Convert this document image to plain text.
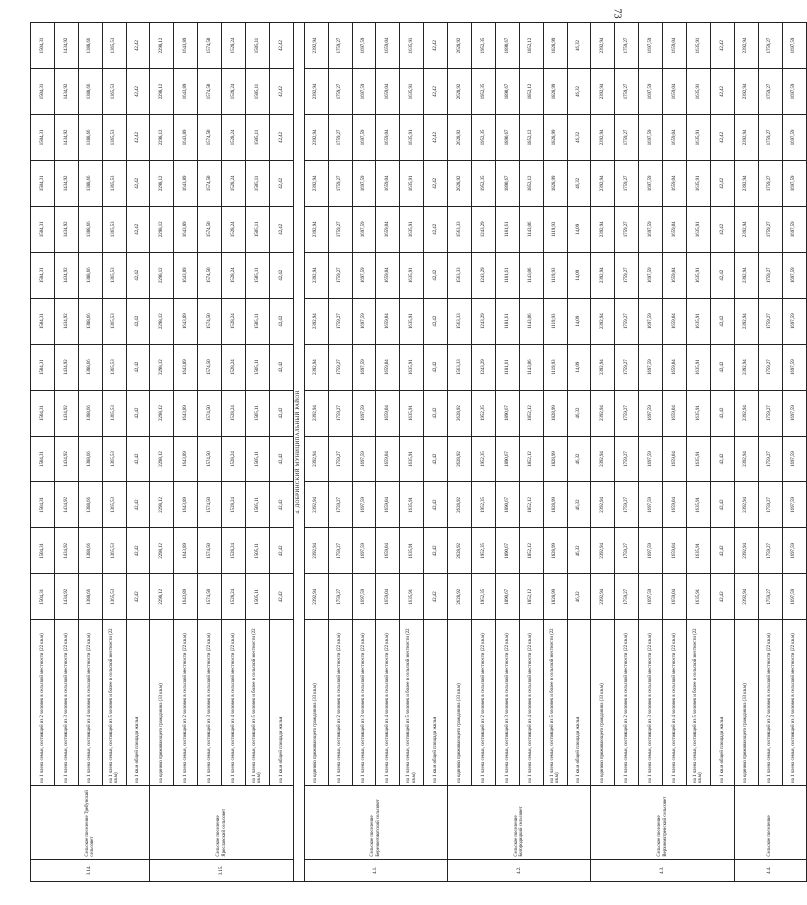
73
3.14.	Сельское поселение Требунский сельсовет	на 1 члена семьи, состоящей из 2 человек в сельской местности (22 кв.м)	1504,31	1504,31	1504,31	1504,31	1504,31	1504,31	1504,31	1504,31	1504,31	1504,31	1504,31	1504,31	1504,31
		на 1 члена семьи, состоящей из 3 человек в сельской местности (22 кв.м)	1434,92	1434,92	1434,92	1434,92	1434,92	1434,92	1434,92	1434,92	1434,92	1434,92	1434,92	1434,92	1434,92
		на 1 члена семьи, состоящей из 4 человек в сельской местности (22 кв.м)	1388,66	1388,66	1388,66	1388,66	1388,66	1388,66	1388,66	1388,66	1388,66	1388,66	1388,66	1388,66	1388,66
		на 1 члена семьи, состоящей из 5 человек и более в сельской местности (22 кв.м)	1365,53	1365,53	1365,53	1365,53	1365,53	1365,53	1365,53	1365,53	1365,53	1365,53	1365,53	1365,53	1365,53
		на 1 кв.м общей площади жилья	42,42	42,42	42,42	42,42	42,42	42,42	42,42	42,42	42,42	42,42	42,42	42,42	42,42
3.15.	Сельское поселение Ярославский сельсовет	на одиноко проживающего гражданина (33 кв.м)	2298,12	2298,12	2298,12	2298,12	2298,12	2298,12	2298,12	2298,12	2298,12	2298,12	2298,12	2298,12	2298,12
		на 1 члена семьи, состоящей из 2 человек в сельской местности (22 кв.м)	1643,89	1643,89	1643,89	1643,89	1643,89	1643,89	1643,89	1643,89	1643,89	1643,89	1643,89	1643,89	1643,89
		на 1 члена семьи, состоящей из 3 человек в сельской местности (22 кв.м)	1574,50	1574,50	1574,50	1574,50	1574,50	1574,50	1574,50	1574,50	1574,50	1574,50	1574,50	1574,50	1574,50
		на 1 члена семьи, состоящей из 4 человек в сельской местности (22 кв.м)	1528,24	1528,24	1528,24	1528,24	1528,24	1528,24	1528,24	1528,24	1528,24	1528,24	1528,24	1528,24	1528,24
		на 1 члена семьи, состоящей из 5 человек и более в сельской местности (22 кв.м)	1505,11	1505,11	1505,11	1505,11	1505,11	1505,11	1505,11	1505,11	1505,11	1505,11	1505,11	1505,11	1505,11
		на 1 кв.м общей площади жилья	42,42	42,42	42,42	42,42	42,42	42,42	42,42	42,42	42,42	42,42	42,42	42,42	42,42
4. ДОБРИНСКИЙ МУНИЦИПАЛЬНЫЙ РАЙОН															
4.1.	Сельское поселение Березнеговатский сельсовет	на одиноко проживающего гражданина (33 кв.м)	2392,94	2392,94	2392,94	2392,94	2392,94	2392,94	2392,94	2392,94	2392,94	2392,94	2392,94	2392,94	2392,94
		на 1 члена семьи, состоящей из 2 человек в сельской местности (22 кв.м)	1759,27	1759,27	1759,27	1759,27	1759,27	1759,27	1759,27	1759,27	1759,27	1759,27	1759,27	1759,27	1759,27
		на 1 члена семьи, состоящей из 3 человек в сельской местности (22 кв.м)	1697,59	1697,59	1697,59	1697,59	1697,59	1697,59	1697,59	1697,59	1697,59	1697,59	1697,59	1697,59	1697,59
		на 1 члена семьи, состоящей из 4 человек в сельской местности (22 кв.м)	1659,04	1659,04	1659,04	1659,04	1659,04	1659,04	1659,04	1659,04	1659,04	1659,04	1659,04	1659,04	1659,04
		на 1 члена семьи, состоящей из 5 человек и более в сельской местности (22 кв.м)	1635,91	1635,91	1635,91	1635,91	1635,91	1635,91	1635,91	1635,91	1635,91	1635,91	1635,91	1635,91	1635,91
		на 1 кв.м общей площади жилья	42,42	42,42	42,42	42,42	42,42	42,42	42,42	42,42	42,42	42,42	42,42	42,42	42,42
4.2.	Сельское поселение Богородицкий сельсовет	на одиноко проживающего гражданина (33 кв.м)	2628,92	2628,92	2628,92	2628,92	2628,92	1563,33	1563,33	1563,33	1563,33	2628,92	2628,92	2628,92	2628,92
		на 1 члена семьи, состоящей из 2 человек в сельской местности (22 кв.м)	1952,35	1952,35	1952,35	1952,35	1952,35	1243,29	1243,29	1243,29	1243,29	1952,35	1952,35	1952,35	1952,35
		на 1 члена семьи, состоящей из 3 человек в сельской местности (22 кв.м)	1890,67	1890,67	1890,67	1890,67	1890,67	1181,61	1181,61	1181,61	1181,61	1890,67	1890,67	1890,67	1890,67
		на 1 члена семьи, состоящей из 4 человек в сельской местности (22 кв.м)	1852,12	1852,12	1852,12	1852,12	1852,12	1143,06	1143,06	1143,06	1143,06	1852,12	1852,12	1852,12	1852,12
		на 1 члена семьи, состоящей из 5 человек и более в сельской местности (22 кв.м)	1828,99	1828,99	1828,99	1828,99	1828,99	1119,93	1119,93	1119,93	1119,93	1828,99	1828,99	1828,99	1828,99
		на 1 кв.м общей площади жилья	46,32	46,32	46,32	46,32	46,32	14,09	14,09	14,09	14,09	46,32	46,32	46,32	46,32
4.3.	Сельское поселение Верхнематренский сельсовет	на одиноко проживающего гражданина (33 кв.м)	2392,94	2392,94	2392,94	2392,94	2392,94	2392,94	2392,94	2392,94	2392,94	2392,94	2392,94	2392,94	2392,94
		на 1 члена семьи, состоящей из 2 человек в сельской местности (22 кв.м)	1759,27	1759,27	1759,27	1759,27	1759,27	1759,27	1759,27	1759,27	1759,27	1759,27	1759,27	1759,27	1759,27
		на 1 члена семьи, состоящей из 3 человек в сельской местности (22 кв.м)	1697,59	1697,59	1697,59	1697,59	1697,59	1697,59	1697,59	1697,59	1697,59	1697,59	1697,59	1697,59	1697,59
		на 1 члена семьи, состоящей из 4 человек в сельской местности (22 кв.м)	1659,04	1659,04	1659,04	1659,04	1659,04	1659,04	1659,04	1659,04	1659,04	1659,04	1659,04	1659,04	1659,04
		на 1 члена семьи, состоящей из 5 человек и более в сельской местности (22 кв.м)	1635,91	1635,91	1635,91	1635,91	1635,91	1635,91	1635,91	1635,91	1635,91	1635,91	1635,91	1635,91	1635,91
		на 1 кв.м общей площади жилья	42,42	42,42	42,42	42,42	42,42	42,42	42,42	42,42	42,42	42,42	42,42	42,42	42,42
4.4.	Сельское поселение	на одиноко проживающего гражданина (33 кв.м)	2392,94	2392,94	2392,94	2392,94	2392,94	2392,94	2392,94	2392,94	2392,94	2392,94	2392,94	2392,94	2392,94
		на 1 члена семьи, состоящей из 2 человек в сельской местности (22 кв.м)	1759,27	1759,27	1759,27	1759,27	1759,27	1759,27	1759,27	1759,27	1759,27	1759,27	1759,27	1759,27	1759,27
		на 1 члена семьи, состоящей из 3 человек в сельской местности (22 кв.м)	1697,59	1697,59	1697,59	1697,59	1697,59	1697,59	1697,59	1697,59	1697,59	1697,59	1697,59	1697,59	1697,59
